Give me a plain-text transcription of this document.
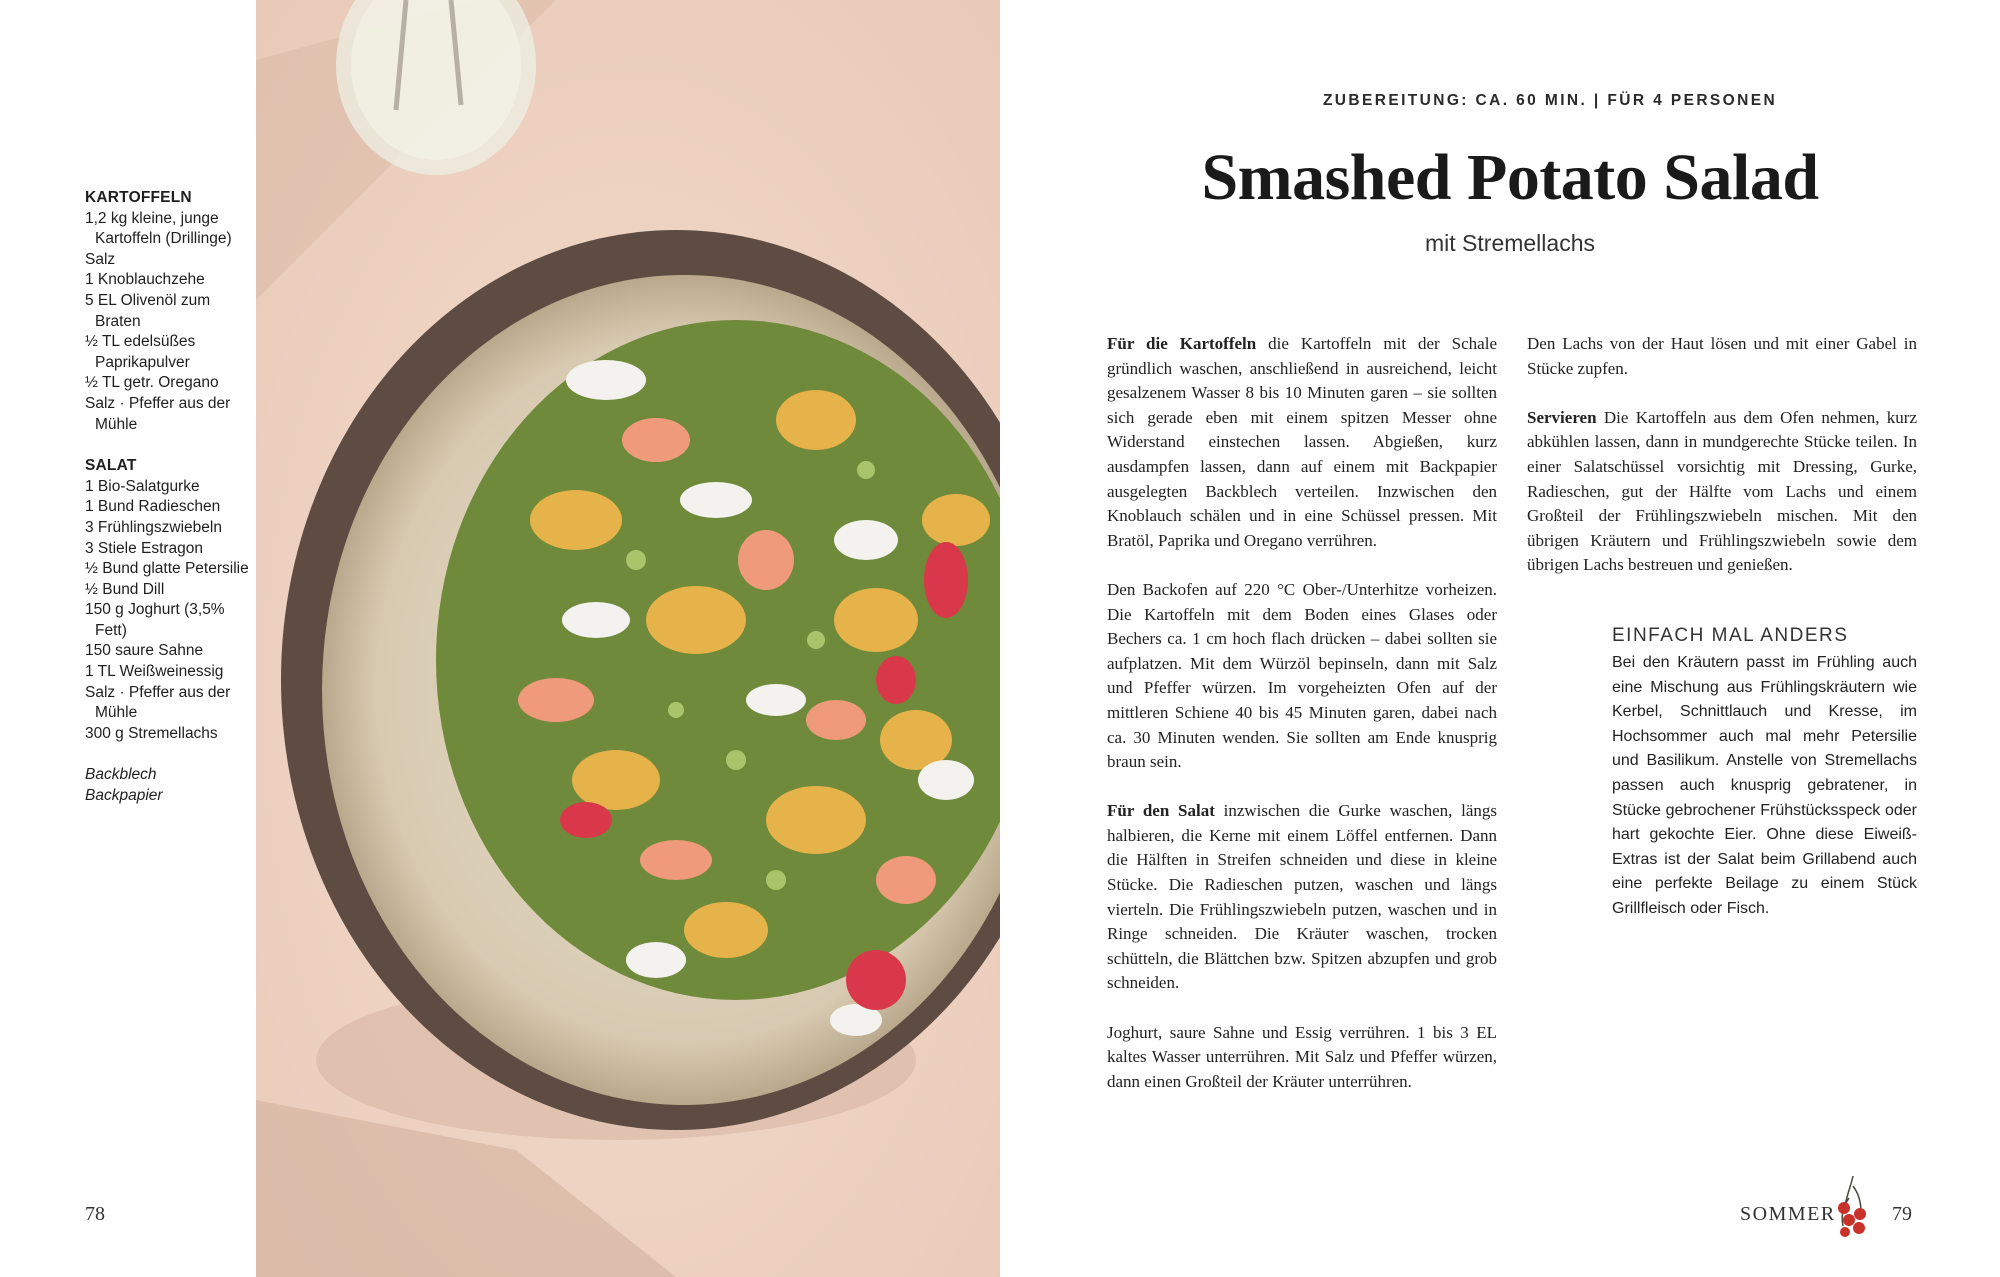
KARTOFFELN
1,2 kg kleine, junge Kartoffeln (Drillinge)
Salz
1 Knoblauchzehe
5 EL Olivenöl zum Braten
½ TL edelsüßes Paprikapulver
½ TL getr. Oregano
Salz · Pfeffer aus der Mühle
SALAT
1 Bio-Salatgurke
1 Bund Radieschen
3 Frühlingszwiebeln
3 Stiele Estragon
½ Bund glatte Petersilie
½ Bund Dill
150 g Joghurt (3,5% Fett)
150 saure Sahne
1 TL Weißweinessig
Salz · Pfeffer aus der Mühle
300 g Stremellachs
Backblech
Backpapier
78
ZUBEREITUNG: CA. 60 MIN. | FÜR 4 PERSONEN
Smashed Potato Salad
mit Stremellachs

Für die Kartoffeln die Kartoffeln mit der Schale gründlich waschen, anschließend in ausreichend, leicht gesalzenem Wasser 8 bis 10 Minuten garen – sie sollten sich gerade eben mit einem spitzen Messer ohne Widerstand einstechen lassen. Abgießen, kurz ausdampfen lassen, dann auf einem mit Backpapier ausgelegten Backblech verteilen. Inzwischen den Knoblauch schälen und in eine Schüssel pressen. Mit Bratöl, Paprika und Oregano verrühren.

Den Backofen auf 220 °C Ober-/Unterhitze vorheizen. Die Kartoffeln mit dem Boden eines Glases oder Bechers ca. 1 cm hoch flach drücken – dabei sollten sie aufplatzen. Mit dem Würzöl bepinseln, dann mit Salz und Pfeffer würzen. Im vorgeheizten Ofen auf der mittleren Schiene 40 bis 45 Minuten garen, dabei nach ca. 30 Minuten wenden. Sie sollten am Ende knusprig braun sein.

Für den Salat inzwischen die Gurke waschen, längs halbieren, die Kerne mit einem Löffel entfernen. Dann die Hälften in Streifen schneiden und diese in kleine Stücke. Die Radieschen putzen, waschen und längs vierteln. Die Frühlingszwiebeln putzen, waschen und in Ringe schneiden. Die Kräuter waschen, trocken schütteln, die Blättchen bzw. Spitzen abzupfen und grob schneiden.

Joghurt, saure Sahne und Essig verrühren. 1 bis 3 EL kaltes Wasser unterrühren. Mit Salz und Pfeffer würzen, dann einen Großteil der Kräuter unterrühren.

Den Lachs von der Haut lösen und mit einer Gabel in Stücke zupfen.

Servieren Die Kartoffeln aus dem Ofen nehmen, kurz abkühlen lassen, dann in mundgerechte Stücke teilen. In einer Salatschüssel vorsichtig mit Dressing, Gurke, Radieschen, gut der Hälfte vom Lachs und einem Großteil der Frühlingszwiebeln mischen. Mit den übrigen Kräutern und Frühlingszwiebeln sowie dem übrigen Lachs bestreuen und genießen.

EINFACH MAL ANDERS
Bei den Kräutern passt im Frühling auch eine Mischung aus Frühlingskräutern wie Kerbel, Schnittlauch und Kresse, im Hochsommer auch mal mehr Petersilie und Basilikum. Anstelle von Stremellachs passen auch knusprig gebratener, in Stücke gebrochener Frühstücksspeck oder hart gekochte Eier. Ohne diese Eiweiß-Extras ist der Salat beim Grillabend auch eine perfekte Beilage zu einem Stück Grillfleisch oder Fisch.
SOMMER	79
